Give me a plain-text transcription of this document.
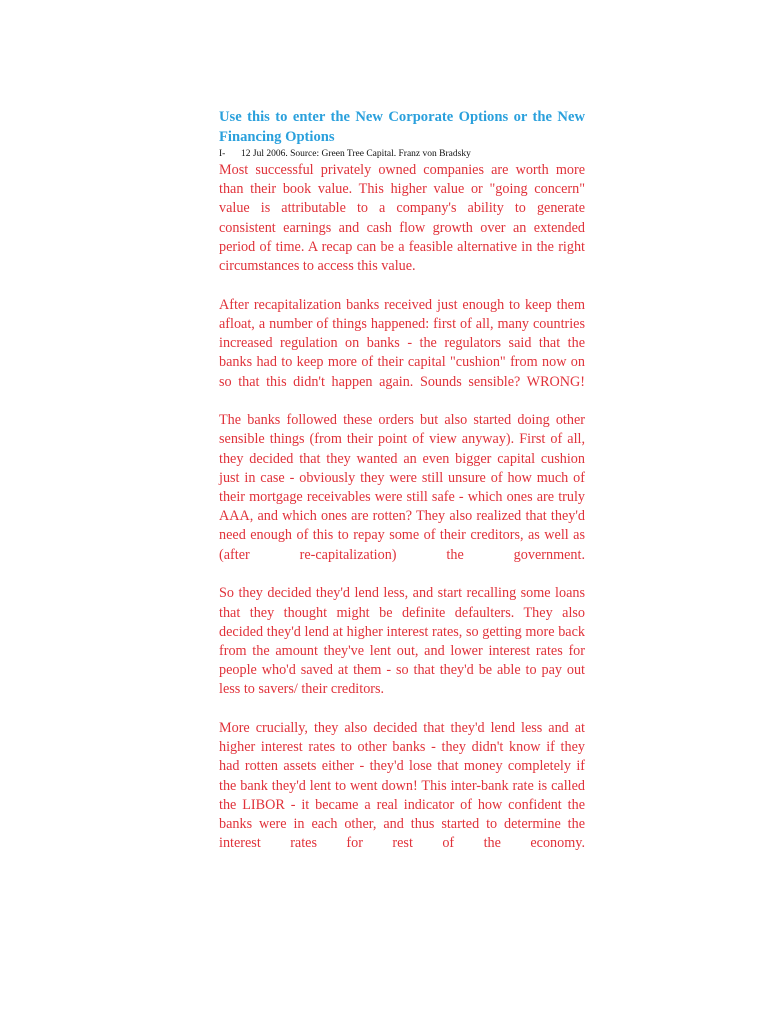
Use this to enter the New Corporate Options or the New Financing Options
I- 12 Jul 2006. Source: Green Tree Capital. Franz von Bradsky

Most successful privately owned companies are worth more than their book value. This higher value or "going concern" value is attributable to a company's ability to generate consistent earnings and cash flow growth over an extended period of time. A recap can be a feasible alternative in the right circumstances to access this value.

After recapitalization banks received just enough to keep them afloat, a number of things happened: first of all, many countries increased regulation on banks - the regulators said that the banks had to keep more of their capital "cushion" from now on so that this didn't happen again. Sounds sensible? WRONG!

The banks followed these orders but also started doing other sensible things (from their point of view anyway). First of all, they decided that they wanted an even bigger capital cushion just in case - obviously they were still unsure of how much of their mortgage receivables were still safe - which ones are truly AAA, and which ones are rotten? They also realized that they'd need enough of this to repay some of their creditors, as well as (after re-capitalization) the government.

So they decided they'd lend less, and start recalling some loans that they thought might be definite defaulters. They also decided they'd lend at higher interest rates, so getting more back from the amount they've lent out, and lower interest rates for people who'd saved at them - so that they'd be able to pay out less to savers/ their creditors.

More crucially, they also decided that they'd lend less and at higher interest rates to other banks - they didn't know if they had rotten assets either - they'd lose that money completely if the bank they'd lent to went down! This inter-bank rate is called the LIBOR - it became a real indicator of how confident the banks were in each other, and thus started to determine the interest rates for rest of the economy.
